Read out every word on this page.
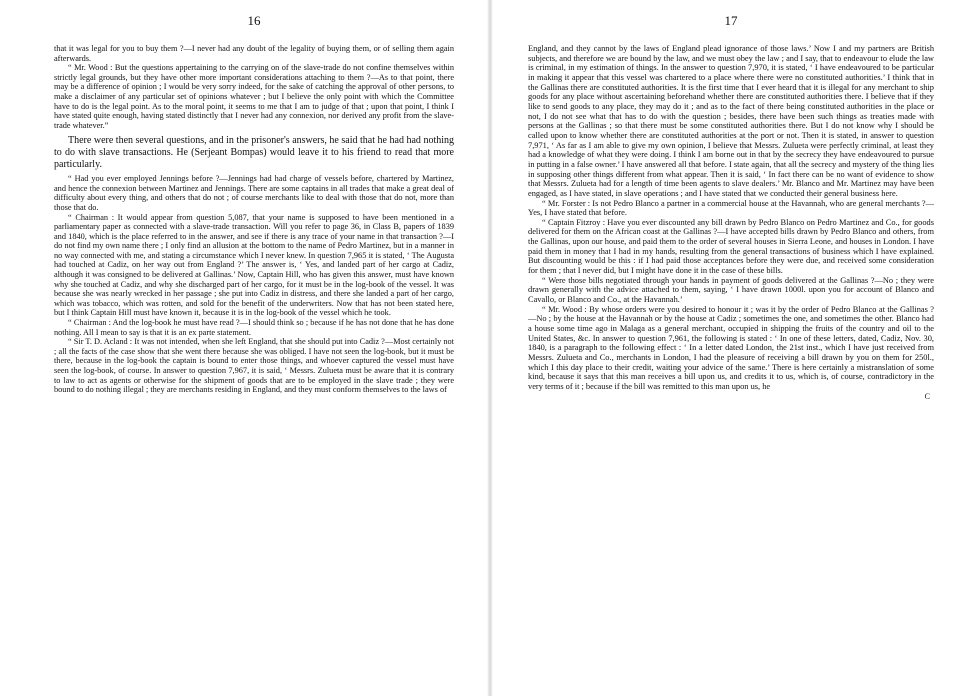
16

that it was legal for you to buy them ?—I never had any doubt of the legality of buying them, or of selling them again afterwards.

“ Mr. Wood : But the questions appertaining to the carrying on of the slave-trade do not confine themselves within strictly legal grounds, but they have other more important considerations attaching to them ?—As to that point, there may be a difference of opinion ; I would be very sorry indeed, for the sake of catching the approval of other persons, to make a disclaimer of any particular set of opinions whatever ; but I believe the only point with which the Committee have to do is the legal point. As to the moral point, it seems to me that I am to judge of that ; upon that point, I think I have stated quite enough, having stated distinctly that I never had any connexion, nor derived any profit from the slave-trade whatever.”

There were then several questions, and in the prisoner's answers, he said that he had had nothing to do with slave transactions. He (Serjeant Bompas) would leave it to his friend to read that more particularly.

“ Had you ever employed Jennings before ?—Jennings had had charge of vessels before, chartered by Martinez, and hence the connexion between Martinez and Jennings. There are some captains in all trades that make a great deal of difficulty about every thing, and others that do not ; of course merchants like to deal with those that do not, more than those that do.

“ Chairman : It would appear from question 5,087, that your name is supposed to have been mentioned in a parliamentary paper as connected with a slave-trade transaction. Will you refer to page 36, in Class B, papers of 1839 and 1840, which is the place referred to in the answer, and see if there is any trace of your name in that transaction ?—I do not find my own name there ; I only find an allusion at the bottom to the name of Pedro Martinez, but in a manner in no way connected with me, and stating a circumstance which I never knew. In question 7,965 it is stated, ‘ The Augusta had touched at Cadiz, on her way out from England ?’ The answer is, ‘ Yes, and landed part of her cargo at Cadiz, although it was consigned to be delivered at Gallinas.’ Now, Captain Hill, who has given this answer, must have known why she touched at Cadiz, and why she discharged part of her cargo, for it must be in the log-book of the vessel. It was because she was nearly wrecked in her passage ; she put into Cadiz in distress, and there she landed a part of her cargo, which was tobacco, which was rotten, and sold for the benefit of the underwriters. Now that has not been stated here, but I think Captain Hill must have known it, because it is in the log-book of the vessel which he took.

“ Chairman : And the log-book he must have read ?—I should think so ; because if he has not done that he has done nothing. All I mean to say is that it is an ex parte statement.

“ Sir T. D. Acland : It was not intended, when she left England, that she should put into Cadiz ?—Most certainly not ; all the facts of the case show that she went there because she was obliged. I have not seen the log-book, but it must be there, because in the log-book the captain is bound to enter those things, and whoever captured the vessel must have seen the log-book, of course. In answer to question 7,967, it is said, ‘ Messrs. Zulueta must be aware that it is contrary to law to act as agents or otherwise for the shipment of goods that are to be employed in the slave trade ; they were bound to do nothing illegal ; they are merchants residing in England, and they must conform themselves to the laws of

17

England, and they cannot by the laws of England plead ignorance of those laws.’ Now I and my partners are British subjects, and therefore we are bound by the law, and we must obey the law ; and I say, that to endeavour to elude the law is criminal, in my estimation of things. In the answer to question 7,970, it is stated, ‘ I have endeavoured to be particular in making it appear that this vessel was chartered to a place where there were no constituted authorities.’ I think that in the Gallinas there are constituted authorities. It is the first time that I ever heard that it is illegal for any merchant to ship goods for any place without ascertaining beforehand whether there are constituted authorities there. I believe that if they like to send goods to any place, they may do it ; and as to the fact of there being constituted authorities in the place or not, I do not see what that has to do with the question ; besides, there have been such things as treaties made with persons at the Gallinas ; so that there must be some constituted authorities there. But I do not know why I should be called upon to know whether there are constituted authorities at the port or not. Then it is stated, in answer to question 7,971, ‘ As far as I am able to give my own opinion, I believe that Messrs. Zulueta were perfectly criminal, at least they had a knowledge of what they were doing. I think I am borne out in that by the secrecy they have endeavoured to pursue in putting in a false owner.’ I have answered all that before. I state again, that all the secrecy and mystery of the thing lies in supposing other things different from what appear. Then it is said, ‘ In fact there can be no want of evidence to show that Messrs. Zulueta had for a length of time been agents to slave dealers.’ Mr. Blanco and Mr. Martinez may have been engaged, as I have stated, in slave operations ; and I have stated that we conducted their general business here.

“ Mr. Forster : Is not Pedro Blanco a partner in a commercial house at the Havannah, who are general merchants ?—Yes, I have stated that before.

“ Captain Fitzroy : Have you ever discounted any bill drawn by Pedro Blanco on Pedro Martinez and Co., for goods delivered for them on the African coast at the Gallinas ?—I have accepted bills drawn by Pedro Blanco and others, from the Gallinas, upon our house, and paid them to the order of several houses in Sierra Leone, and houses in London. I have paid them in money that I had in my hands, resulting from the general transactions of business which I have explained. But discounting would be this : if I had paid those acceptances before they were due, and received some consideration for them ; that I never did, but I might have done it in the case of these bills.

“ Were those bills negotiated through your hands in payment of goods delivered at the Gallinas ?—No ; they were drawn generally with the advice attached to them, saying, ‘ I have drawn 1000l. upon you for account of Blanco and Cavallo, or Blanco and Co., at the Havannah.’

“ Mr. Wood : By whose orders were you desired to honour it ; was it by the order of Pedro Blanco at the Gallinas ?—No ; by the house at the Havannah or by the house at Cadiz ; sometimes the one, and sometimes the other. Blanco had a house some time ago in Malaga as a general merchant, occupied in shipping the fruits of the country and oil to the United States, &c. In answer to question 7,961, the following is stated : ‘ In one of these letters, dated, Cadiz, Nov. 30, 1840, is a paragraph to the following effect : ‘ In a letter dated London, the 21st inst., which I have just received from Messrs. Zulueta and Co., merchants in London, I had the pleasure of receiving a bill drawn by you on them for 250l., which I this day place to their credit, waiting your advice of the same.’ There is here certainly a mistranslation of some kind, because it says that this man receives a bill upon us, and credits it to us, which is, of course, contradictory in the very terms of it ; because if the bill was remitted to this man upon us, he

C
